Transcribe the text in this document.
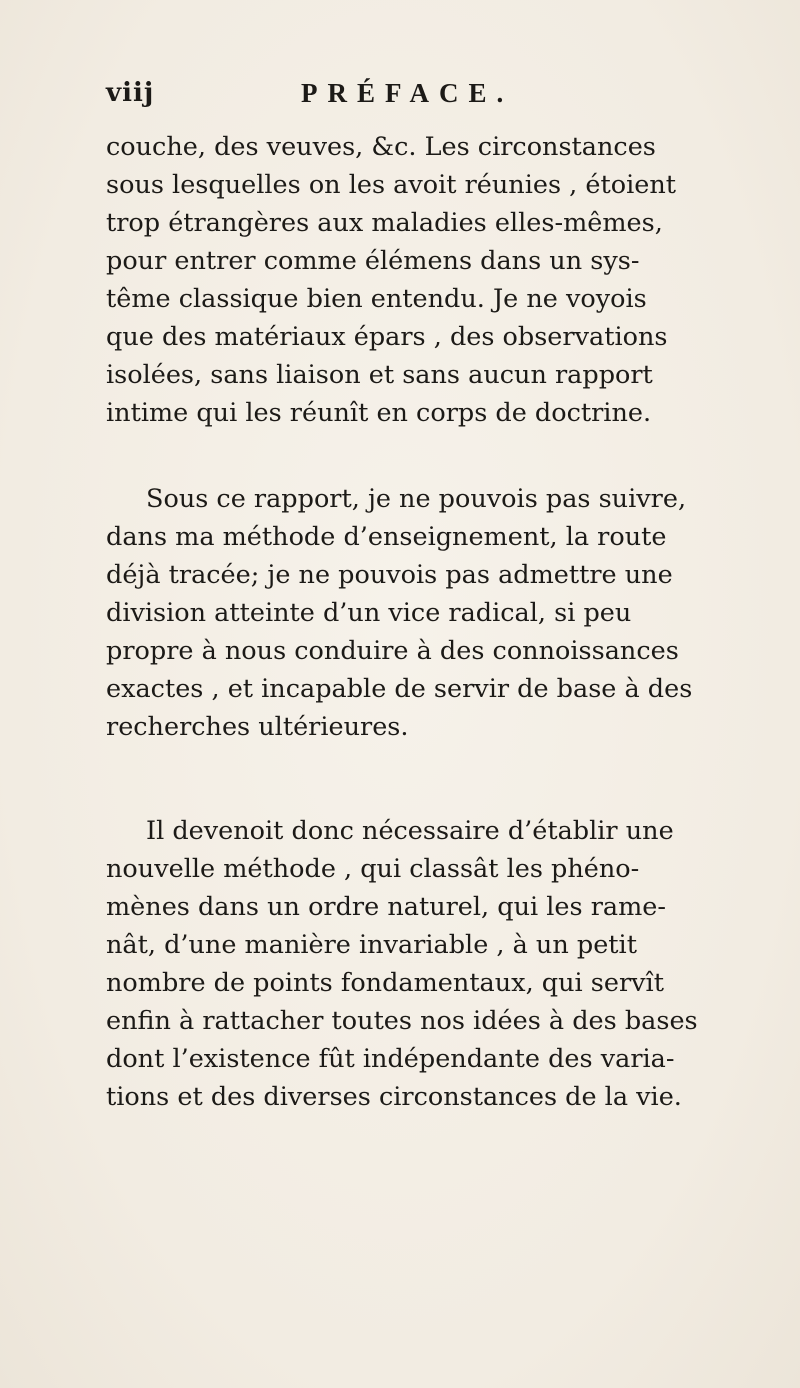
viij	PRÉFACE.
couche, des veuves, &c. Les circonstances
sous lesquelles on les avoit réunies , étoient
trop étrangères aux maladies elles-mêmes,
pour entrer comme élémens dans un sys-
tême classique bien entendu. Je ne voyois
que des matériaux épars , des observations
isolées, sans liaison et sans aucun rapport
intime qui les réunît en corps de doctrine.
Sous ce rapport, je ne pouvois pas suivre,
dans ma méthode d’enseignement, la route
déjà tracée; je ne pouvois pas admettre une
division atteinte d’un vice radical, si peu
propre à nous conduire à des connoissances
exactes , et incapable de servir de base à des
recherches ultérieures.
Il devenoit donc nécessaire d’établir une
nouvelle méthode , qui classât les phéno-
mènes dans un ordre naturel, qui les rame-
nât, d’une manière invariable , à un petit
nombre de points fondamentaux, qui servît
enfin à rattacher toutes nos idées à des bases
dont l’existence fût indépendante des varia-
tions et des diverses circonstances de la vie.
